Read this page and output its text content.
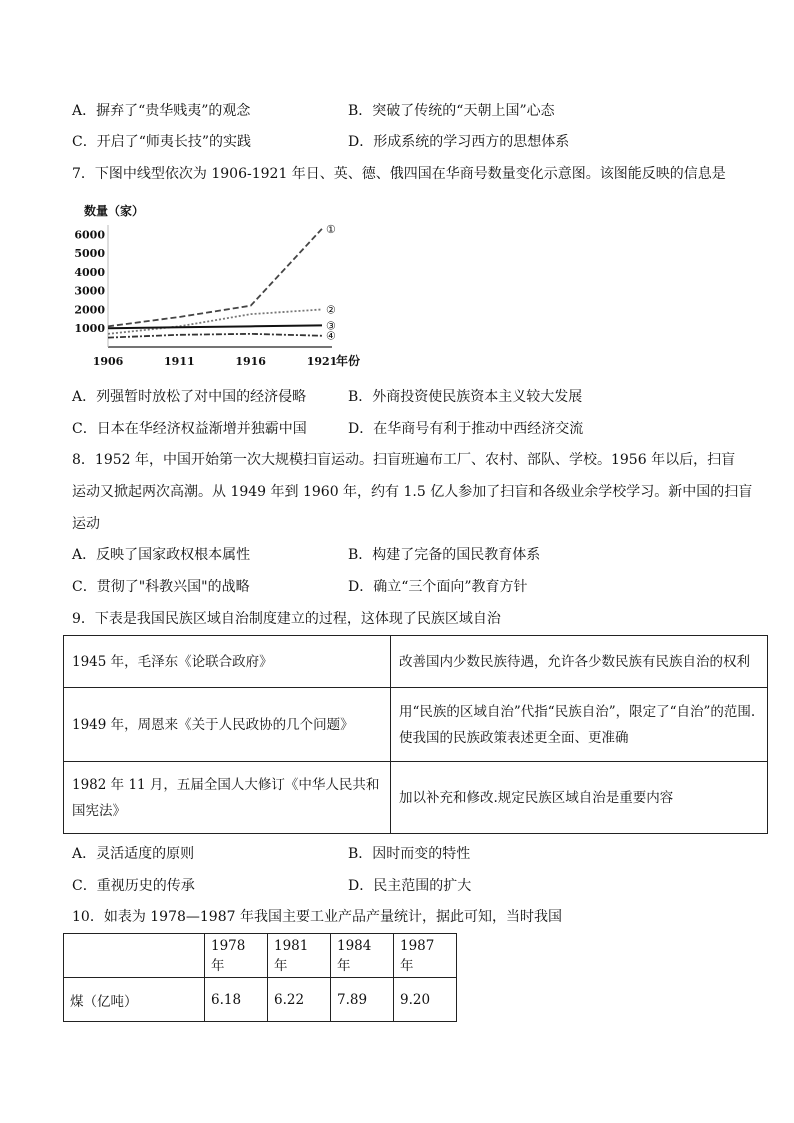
A．摒弃了“贵华贱夷”的观念	B．突破了传统的“天朝上国”心态
C．开启了“师夷长技”的实践	D．形成系统的学习西方的思想体系
7．下图中线型依次为 1906-1921 年日、英、德、俄四国在华商号数量变化示意图。该图能反映的信息是
数量（家）
1000
2000
3000
4000
5000
6000
1906	1911	1916	1921
年份
①
②
③
④
A．列强暂时放松了对中国的经济侵略	B．外商投资使民族资本主义较大发展
C．日本在华经济权益渐增并独霸中国	D．在华商号有利于推动中西经济交流
8．1952 年，中国开始第一次大规模扫盲运动。扫盲班遍布工厂、农村、部队、学校。1956 年以后，扫盲
运动又掀起两次高潮。从 1949 年到 1960 年，约有 1.5 亿人参加了扫盲和各级业余学校学习。新中国的扫盲
运动
A．反映了国家政权根本属性	B．构建了完备的国民教育体系
C．贯彻了"科教兴国"的战略	D．确立“三个面向”教育方针
9．下表是我国民族区域自治制度建立的过程，这体现了民族区域自治
1945 年，毛泽东《论联合政府》	改善国内少数民族待遇，允许各少数民族有民族自治的权利
1949 年，周恩来《关于人民政协的几个问题》	用“民族的区域自治”代指“民族自治”，限定了“自治”的范围.
使我国的民族政策表述更全面、更准确

1982 年 11 月，五届全国人大修订《中华人民共和
国宪法》	加以补充和修改.规定民族区域自治是重要内容
A．灵活适度的原则	B．因时而变的特性
C．重视历史的传承	D．民主范围的扩大
10．如表为 1978—1987 年我国主要工业产品产量统计，据此可知，当时我国
	1978 年	1981 年	1984 年	1987 年
煤（亿吨）	6.18	6.22	7.89	9.20
